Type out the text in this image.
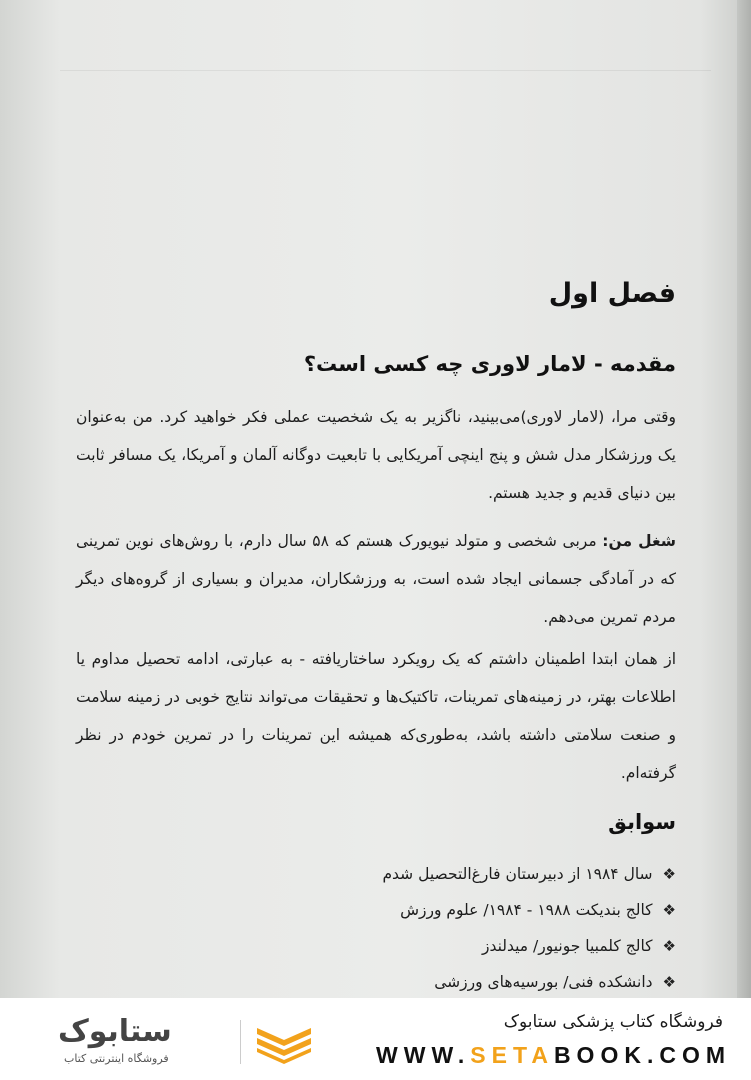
فصل اول
مقدمه - لامار لاوری چه کسی است؟
وقتی مرا، (لامار لاوری)می‌بینید، ناگزیر به یک شخصیت عملی فکر خواهید کرد. من به‌عنوان یک ورزشکار مدل شش و پنج اینچی آمریکایی با تابعیت دوگانه آلمان و آمریکا، یک مسافر ثابت بین دنیای قدیم و جدید هستم.
شغل من: مربی شخصی و متولد نیویورک هستم که ۵۸ سال دارم، با روش‌های نوین تمرینی که در آمادگی جسمانی ایجاد شده است، به ورزشکاران، مدیران و بسیاری از گروه‌های دیگر مردم تمرین می‌دهم.
از همان ابتدا اطمینان داشتم که یک رویکرد ساختاریافته - به عبارتی، ادامه تحصیل مداوم یا اطلاعات بهتر، در زمینه‌های تمرینات، تاکتیک‌ها و تحقیقات می‌تواند نتایج خوبی در زمینه سلامت و صنعت سلامتی داشته باشد، به‌طوری‌که همیشه این تمرینات را در تمرین خودم در نظر گرفته‌ام.
سوابق
❖
سال ۱۹۸۴ از دبیرستان فارغ‌التحصیل شدم
❖
کالج بندیکت ۱۹۸۸ - ۱۹۸۴/ علوم ورزش
❖
کالج کلمبیا جونیور/ میدلندز
❖
دانشکده فنی/ بورسیه‌های ورزشی
ستابوک
فروشگاه اینترنتی کتاب
فروشگاه کتاب پزشکی ستابوک
WWW.SETABOOK.COM
